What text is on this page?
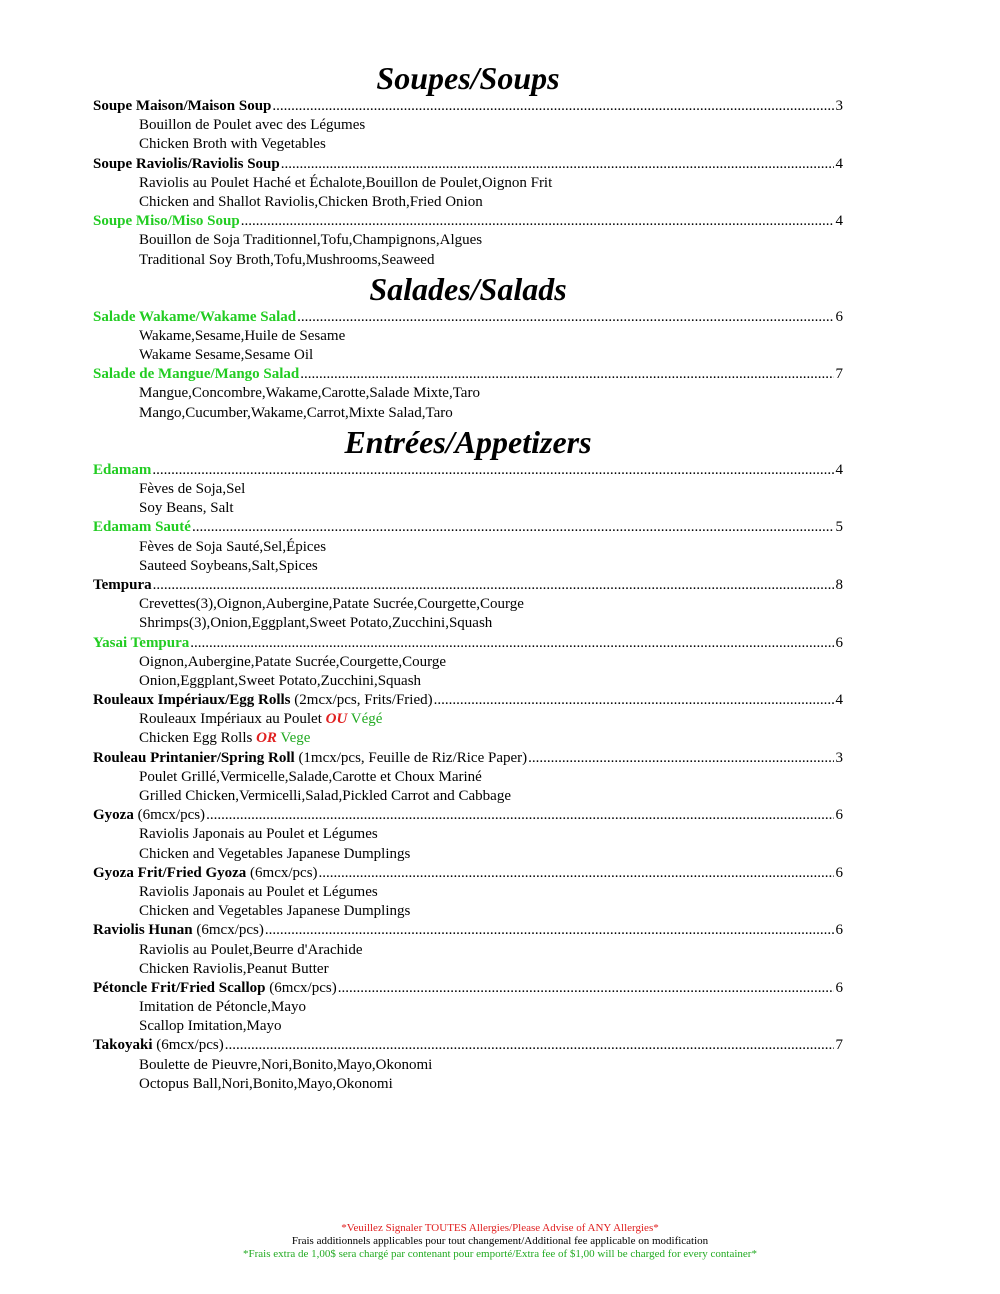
Soupes/Soups
Soupe Maison/Maison Soup .....	3
Bouillon de Poulet avec des Légumes
Chicken Broth with Vegetables
Soupe Raviolis/Raviolis Soup .....	4
Raviolis au Poulet Haché et Échalote,Bouillon de Poulet,Oignon Frit
Chicken and Shallot Raviolis,Chicken Broth,Fried Onion
Soupe Miso/Miso Soup .....	4
Bouillon de Soja Traditionnel,Tofu,Champignons,Algues
Traditional Soy Broth,Tofu,Mushrooms,Seaweed
Salades/Salads
Salade Wakame/Wakame Salad .....	6
Wakame,Sesame,Huile de Sesame
Wakame Sesame,Sesame Oil
Salade de Mangue/Mango Salad .....	7
Mangue,Concombre,Wakame,Carotte,Salade Mixte,Taro
Mango,Cucumber,Wakame,Carrot,Mixte Salad,Taro
Entrées/Appetizers
Edamam .....	4
Fèves de Soja,Sel
Soy Beans, Salt
Edamam Sauté .....	5
Fèves de Soja Sauté,Sel,Épices
Sauteed Soybeans,Salt,Spices
Tempura .....	8
Crevettes(3),Oignon,Aubergine,Patate Sucrée,Courgette,Courge
Shrimps(3),Onion,Eggplant,Sweet Potato,Zucchini,Squash
Yasai Tempura .....	6
Oignon,Aubergine,Patate Sucrée,Courgette,Courge
Onion,Eggplant,Sweet Potato,Zucchini,Squash
Rouleaux Impériaux/Egg Rolls (2mcx/pcs, Frits/Fried) .....	4
Rouleaux Impériaux au Poulet OU Végé
Chicken Egg Rolls OR Vege
Rouleau Printanier/Spring Roll (1mcx/pcs, Feuille de Riz/Rice Paper) .....	3
Poulet Grillé,Vermicelle,Salade,Carotte et Choux Mariné
Grilled Chicken,Vermicelli,Salad,Pickled Carrot and Cabbage
Gyoza (6mcx/pcs) .....	6
Raviolis Japonais au Poulet et Légumes
Chicken and Vegetables Japanese Dumplings
Gyoza Frit/Fried Gyoza (6mcx/pcs) .....	6
Raviolis Japonais au Poulet et Légumes
Chicken and Vegetables Japanese Dumplings
Raviolis Hunan (6mcx/pcs) .....	6
Raviolis au Poulet,Beurre d'Arachide
Chicken Raviolis,Peanut Butter
Pétoncle Frit/Fried Scallop (6mcx/pcs) .....	6
Imitation de Pétoncle,Mayo
Scallop Imitation,Mayo
Takoyaki (6mcx/pcs) .....	7
Boulette de Pieuvre,Nori,Bonito,Mayo,Okonomi
Octopus Ball,Nori,Bonito,Mayo,Okonomi
*Veuillez Signaler TOUTES Allergies/Please Advise of ANY Allergies*
Frais additionnels applicables pour tout changement/Additional fee applicable on modification
*Frais extra de 1,00$ sera chargé par contenant pour emporté/Extra fee of $1,00 will be charged for every container*
